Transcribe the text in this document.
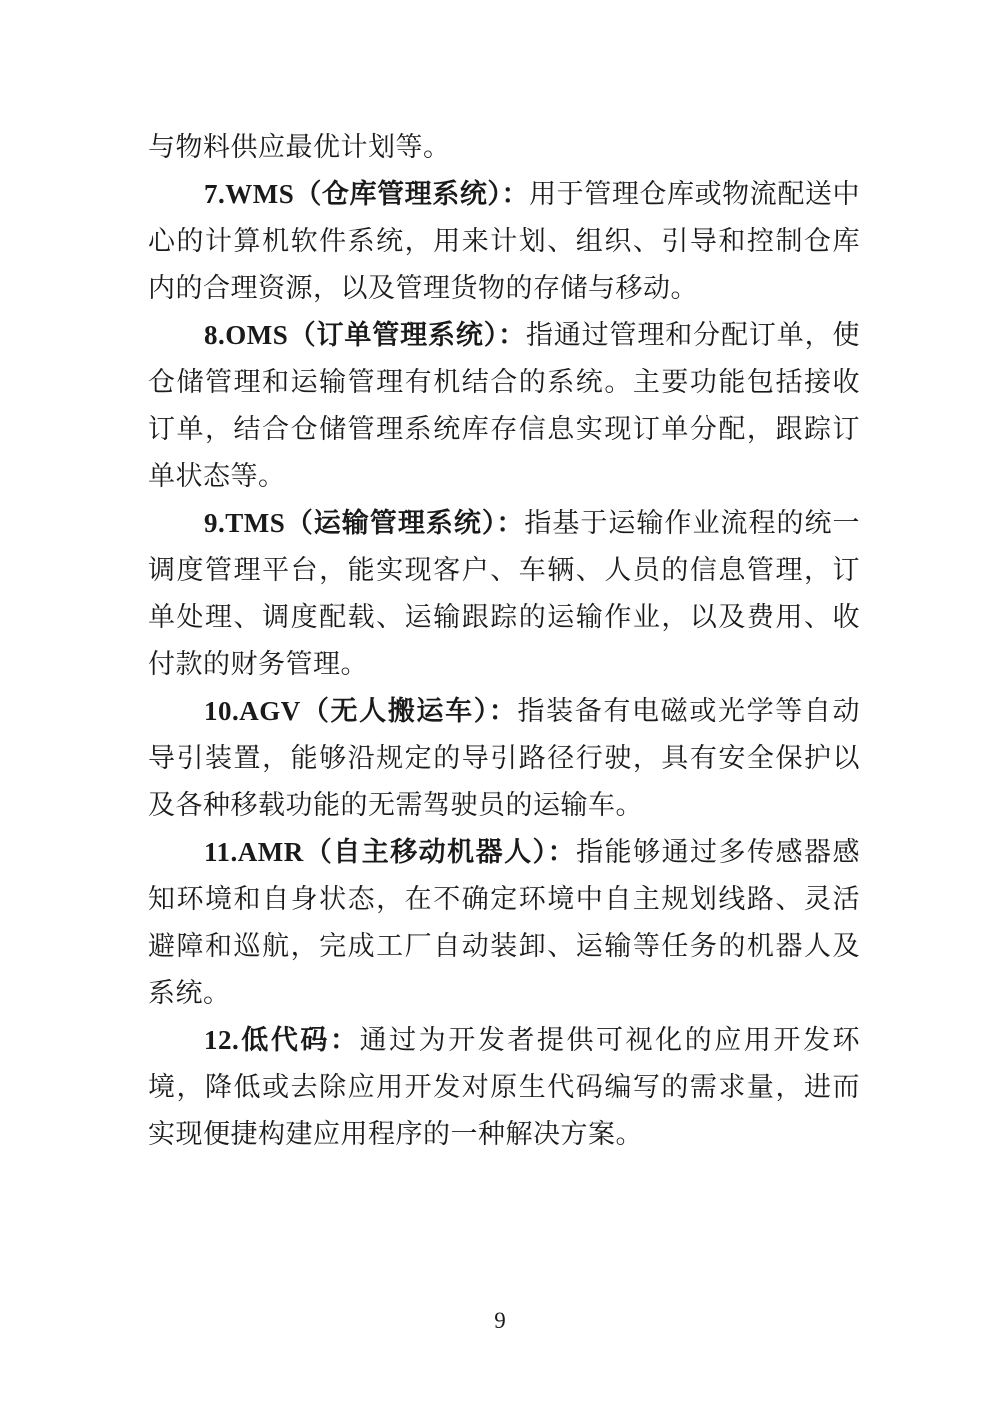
与物料供应最优计划等。

7.WMS（仓库管理系统）：用于管理仓库或物流配送中心的计算机软件系统，用来计划、组织、引导和控制仓库内的合理资源，以及管理货物的存储与移动。

8.OMS（订单管理系统）：指通过管理和分配订单，使仓储管理和运输管理有机结合的系统。主要功能包括接收订单，结合仓储管理系统库存信息实现订单分配，跟踪订单状态等。

9.TMS（运输管理系统）：指基于运输作业流程的统一调度管理平台，能实现客户、车辆、人员的信息管理，订单处理、调度配载、运输跟踪的运输作业，以及费用、收付款的财务管理。

10.AGV（无人搬运车）：指装备有电磁或光学等自动导引装置，能够沿规定的导引路径行驶，具有安全保护以及各种移载功能的无需驾驶员的运输车。

11.AMR（自主移动机器人）：指能够通过多传感器感知环境和自身状态，在不确定环境中自主规划线路、灵活避障和巡航，完成工厂自动装卸、运输等任务的机器人及系统。

12.低代码：通过为开发者提供可视化的应用开发环境，降低或去除应用开发对原生代码编写的需求量，进而实现便捷构建应用程序的一种解决方案。

9
